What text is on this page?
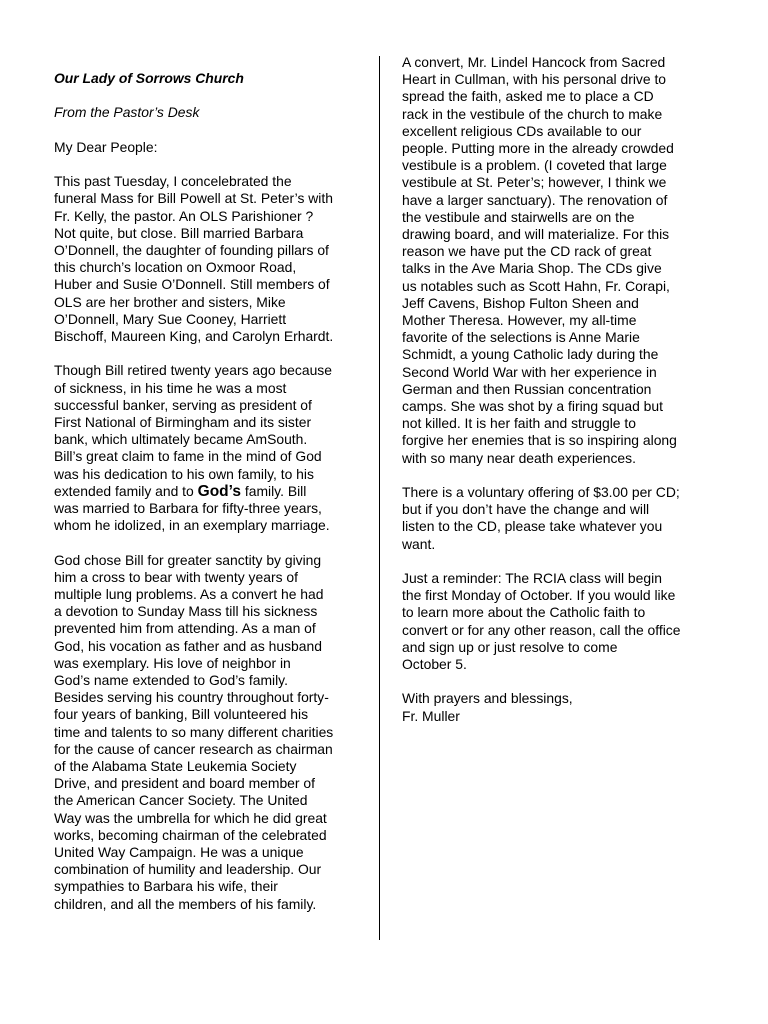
Our Lady of Sorrows Church

From the Pastor’s Desk

My Dear People:

This past Tuesday, I concelebrated the
funeral Mass for Bill Powell at St. Peter’s with
Fr. Kelly, the pastor. An OLS Parishioner ?
Not quite, but close. Bill married Barbara
O’Donnell, the daughter of founding pillars of
this church’s location on Oxmoor Road,
Huber and Susie O’Donnell. Still members of
OLS are her brother and sisters, Mike
O’Donnell, Mary Sue Cooney, Harriett
Bischoff, Maureen King, and Carolyn Erhardt.
Though Bill retired twenty years ago because
of sickness, in his time he was a most
successful banker, serving as president of
First National of Birmingham and its sister
bank, which ultimately became AmSouth.
Bill’s great claim to fame in the mind of God
was his dedication to his own family, to his
extended family and to God’s family. Bill
was married to Barbara for fifty-three years,
whom he idolized, in an exemplary marriage.
God chose Bill for greater sanctity by giving
him a cross to bear with twenty years of
multiple lung problems. As a convert he had
a devotion to Sunday Mass till his sickness
prevented him from attending. As a man of
God, his vocation as father and as husband
was exemplary. His love of neighbor in
God’s name extended to God’s family.
Besides serving his country throughout forty-
four years of banking, Bill volunteered his
time and talents to so many different charities
for the cause of cancer research as chairman
of the Alabama State Leukemia Society
Drive, and president and board member of
the American Cancer Society. The United
Way was the umbrella for which he did great
works, becoming chairman of the celebrated
United Way Campaign. He was a unique
combination of humility and leadership. Our
sympathies to Barbara his wife, their
children, and all the members of his family.
A convert, Mr. Lindel Hancock from Sacred
Heart in Cullman, with his personal drive to
spread the faith, asked me to place a CD
rack in the vestibule of the church to make
excellent religious CDs available to our
people. Putting more in the already crowded
vestibule is a problem. (I coveted that large
vestibule at St. Peter’s; however, I think we
have a larger sanctuary). The renovation of
the vestibule and stairwells are on the
drawing board, and will materialize. For this
reason we have put the CD rack of great
talks in the Ave Maria Shop. The CDs give
us notables such as Scott Hahn, Fr. Corapi,
Jeff Cavens, Bishop Fulton Sheen and
Mother Theresa. However, my all-time
favorite of the selections is Anne Marie
Schmidt, a young Catholic lady during the
Second World War with her experience in
German and then Russian concentration
camps. She was shot by a firing squad but
not killed. It is her faith and struggle to
forgive her enemies that is so inspiring along
with so many near death experiences.
There is a voluntary offering of $3.00 per CD;
but if you don’t have the change and will
listen to the CD, please take whatever you
want.
Just a reminder: The RCIA class will begin
the first Monday of October. If you would like
to learn more about the Catholic faith to
convert or for any other reason, call the office
and sign up or just resolve to come
October 5.

With prayers and blessings,

Fr. Muller
